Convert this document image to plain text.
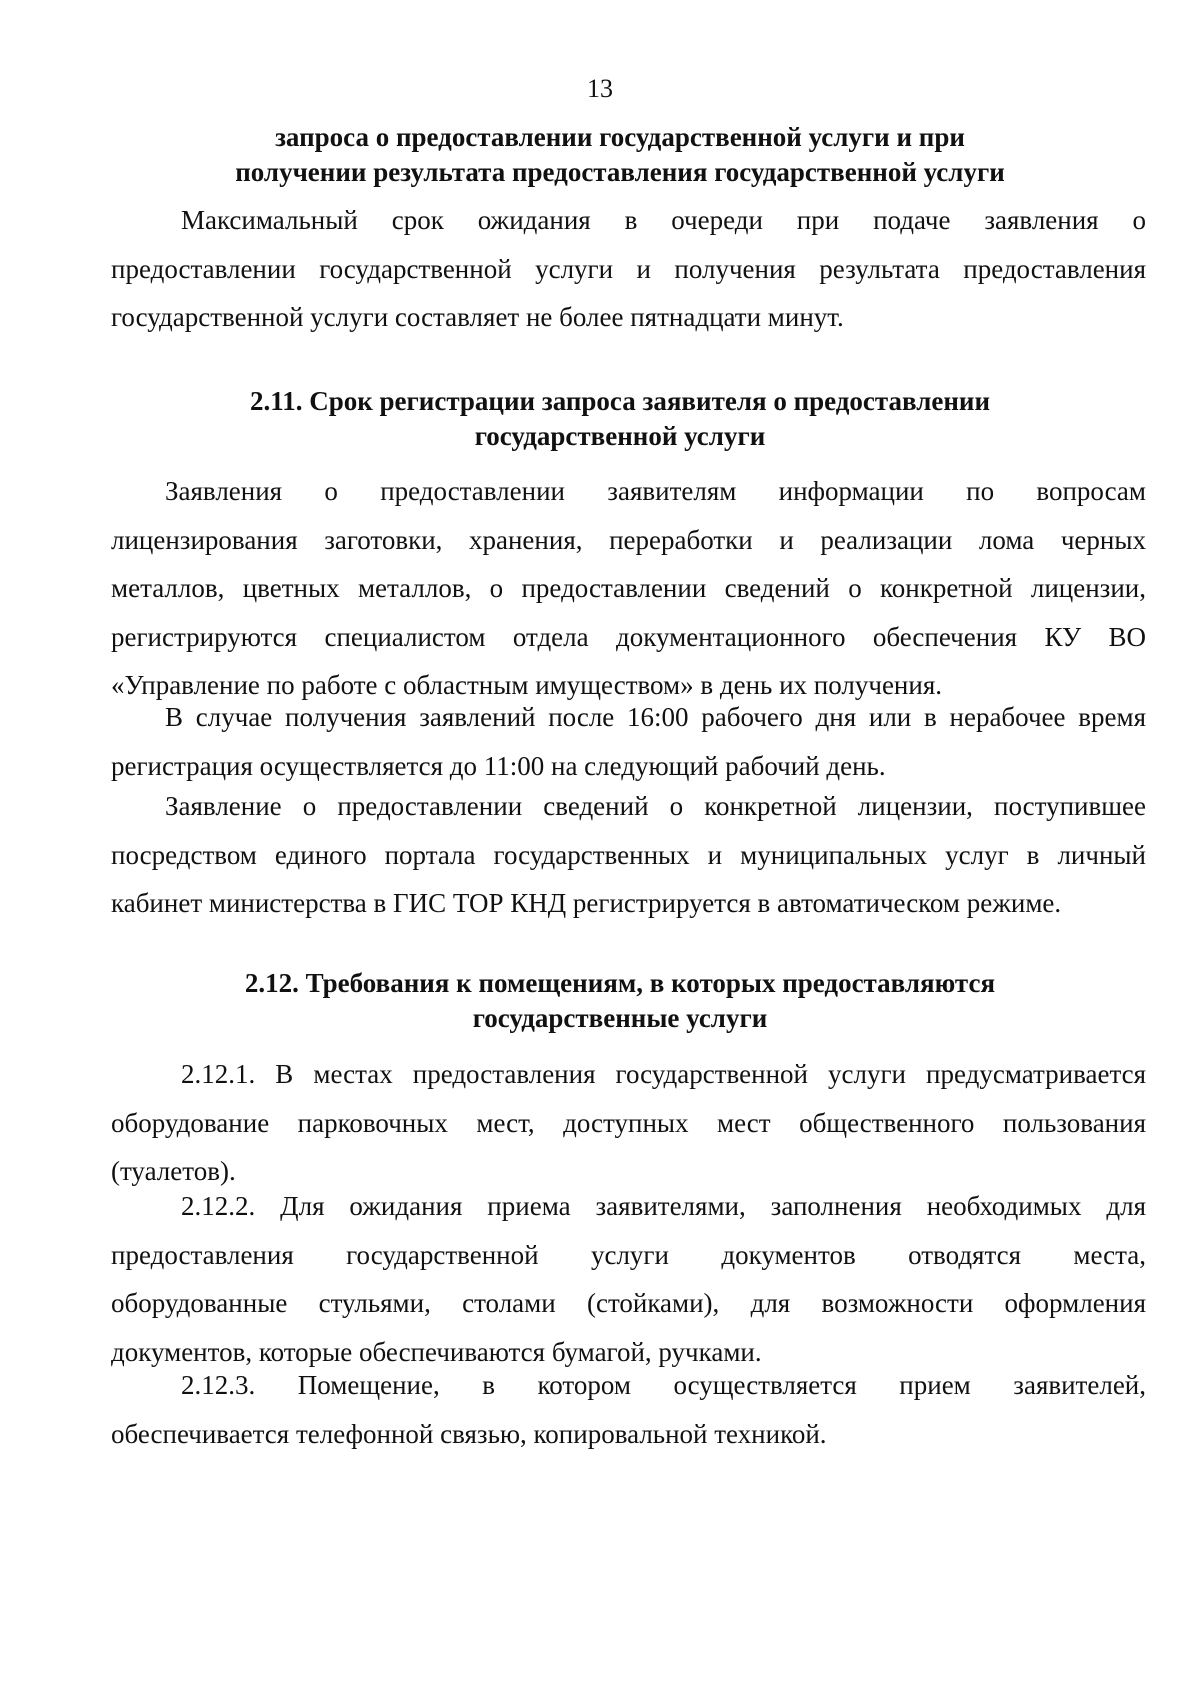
13
запроса о предоставлении государственной услуги и при
получении результата предоставления государственной услуги
Максимальный срок ожидания в очереди при подаче заявления о
предоставлении государственной услуги и получения результата предоставления
государственной услуги составляет не более пятнадцати минут.
2.11. Срок регистрации запроса заявителя о предоставлении
государственной услуги
Заявления о предоставлении заявителям информации по вопросам
лицензирования заготовки, хранения, переработки и реализации лома черных
металлов, цветных металлов, о предоставлении сведений о конкретной лицензии,
регистрируются специалистом отдела документационного обеспечения КУ ВО
«Управление по работе с областным имуществом» в день их получения.
В случае получения заявлений после 16:00 рабочего дня или в нерабочее время
регистрация осуществляется до 11:00 на следующий рабочий день.
Заявление о предоставлении сведений о конкретной лицензии, поступившее
посредством единого портала государственных и муниципальных услуг в личный
кабинет министерства в ГИС ТОР КНД регистрируется в автоматическом режиме.
2.12. Требования к помещениям, в которых предоставляются
государственные услуги
2.12.1. В местах предоставления государственной услуги предусматривается
оборудование парковочных мест, доступных мест общественного пользования
(туалетов).
2.12.2. Для ожидания приема заявителями, заполнения необходимых для
предоставления государственной услуги документов отводятся места,
оборудованные стульями, столами (стойками), для возможности оформления
документов, которые обеспечиваются бумагой, ручками.
2.12.3. Помещение, в котором осуществляется прием заявителей,
обеспечивается телефонной связью, копировальной техникой.
